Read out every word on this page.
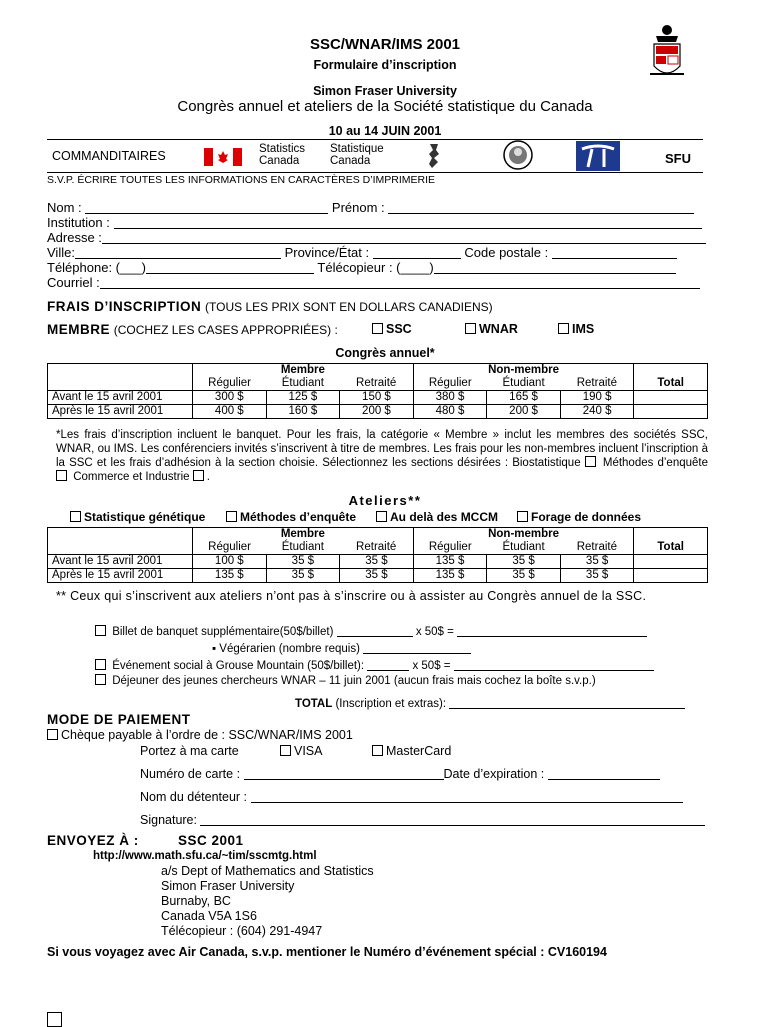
SSC/WNAR/IMS 2001
Formulaire d’inscription
Simon Fraser University
Congrès annuel et ateliers de la Société statistique du Canada
10 au 14 JUIN 2001
COMMANDITAIRES	Statistics
Canada
Statistique
Canada	SFU
S.V.P. ÉCRIRE TOUTES LES INFORMATIONS EN CARACTÈRES D’IMPRIMERIE
Nom :	Prénom :
Institution :
Adresse :
Ville:	Province/État :	Code postale :
Téléphone: (___)	Télécopieur : (____)
Courriel :
FRAIS D’INSCRIPTION (TOUS LES PRIX SONT EN DOLLARS CANADIENS)
MEMBRE (COCHEZ LES CASES APPROPRIÉES) :	SSC	WNAR	IMS
Congrès annuel*
	Membre			Non-membre			
	Régulier	Étudiant	Retraité	Régulier	Étudiant	Retraité	Total
Avant le 15 avril 2001	300 $	125 $	150 $	380 $	165 $	190 $	
Après le 15 avril 2001	400 $	160 $	200 $	480 $	200 $	240 $	
*Les frais d’inscription incluent le banquet. Pour les frais, la catégorie « Membre » inclut les membres des sociétés SSC, WNAR, ou IMS. Les conférenciers invités s’inscrivent à titre de membres. Les frais pour les non-membres incluent l’inscription à la SSC et les frais d’adhésion à la section choisie. Sélectionnez les sections désirées : Biostatistique Méthodes d’enquête  Commerce et Industrie .
Ateliers**
Statistique génétique	Méthodes d’enquête	Au delà des MCCM	Forage de données
	Membre			Non-membre			
	Régulier	Étudiant	Retraité	Régulier	Étudiant	Retraité	Total
Avant le 15 avril 2001	100 $	35 $	35 $	135 $	35 $	35 $	
Après le 15 avril 2001	135 $	35 $	35 $	135 $	35 $	35 $	
** Ceux qui s’inscrivent aux ateliers n’ont pas à s’inscrire ou à assister au Congrès annuel de la SSC.
Billet de banquet supplémentaire(50$/billet)	x 50$ =
▪ Végérarien (nombre requis)
Événement social à Grouse Mountain (50$/billet):	x 50$ =
Déjeuner des jeunes chercheurs WNAR – 11 juin 2001 (aucun frais mais cochez la boîte s.v.p.)
TOTAL (Inscription et extras):
MODE DE PAIEMENT
Chèque payable à l’ordre de : SSC/WNAR/IMS 2001
Portez à ma carte	VISA	MasterCard
Numéro de carte :	Date d’expiration :
Nom du détenteur :
Signature:
ENVOYEZ À :	SSC 2001
http://www.math.sfu.ca/~tim/sscmtg.html
a/s Dept of Mathematics and Statistics
Simon Fraser University
Burnaby, BC
Canada V5A 1S6
Télécopieur : (604) 291-4947
Si vous voyagez avec Air Canada, s.v.p. mentioner le Numéro d’événement spécial : CV160194
